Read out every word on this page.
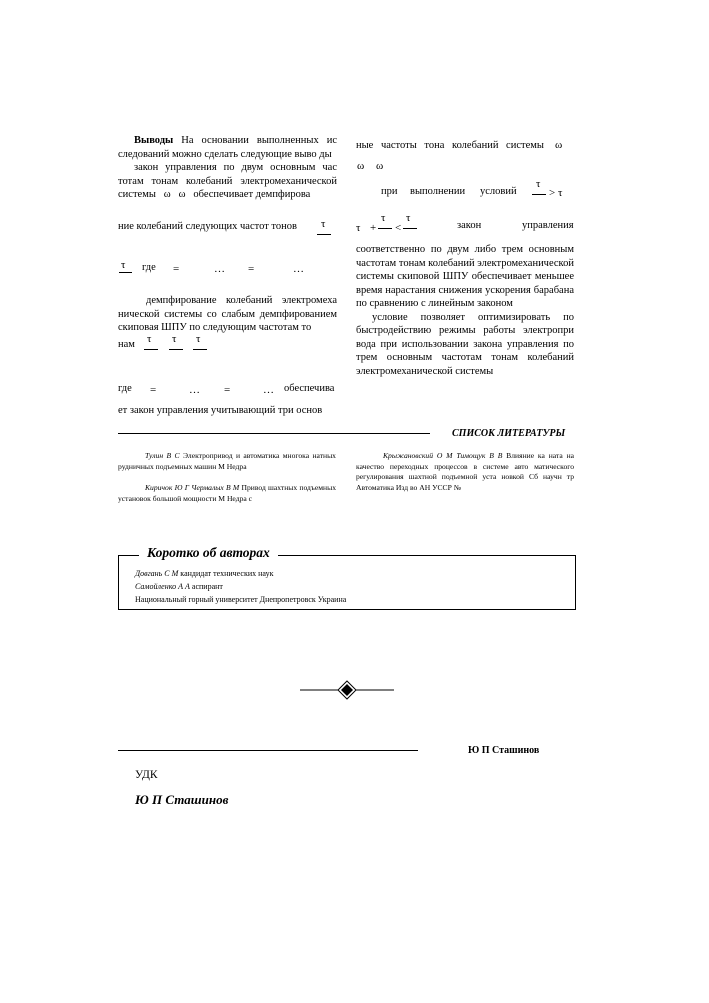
Выводы На основании выполненных ис следований можно сделать следующие выво ды

закон управления по двум основным час тотам тонам колебаний электромеханической системы ω ω обеспечивает демпфирова

ние колебаний следующих частот тонов τ
τ где =	… =	…

демпфирование колебаний электромеха нической системы со слабым демпфированием скиповая ШПУ по следующим частотам то

нам τ τ τ
где =	… =	… обеспечива
ет закон управления учитывающий три основ
ные частоты тона колебаний системы ω
ω ω
при выполнении условий
τ
> τ
τ +
τ
<
τ
закон	управления

соответственно по двум либо трем основным частотам тонам колебаний электромеханической системы скиповой ШПУ обеспечивает меньшее время нарастания снижения ускорения барабана по сравнению с линейным законом

условие позволяет оптимизировать по быстродействию режимы работы электропри вода при использовании закона управления по трем основным частотам тонам колебаний электромеханической системы

СПИСОК ЛИТЕРАТУРЫ
Тулин В С Электропривод и автоматика многока натных рудничных подъемных машин М Недра
Киричок Ю Г Чермалых В М Привод шахтных подъемных установок большой мощности М Недра с
Крыжановский О М Тимощук В В Влияние ка ната на качество переходных процессов в системе авто матического регулирования шахтной подъемной уста новкой Сб научн тр Автоматика Изд во АН УССР №
Коротко об авторах
Довгань С М кандидат технических наук
Самойленко А А аспирант
Национальный горный университет Днепропетровск Украина
Ю П Сташинов
УДК
Ю П Сташинов
